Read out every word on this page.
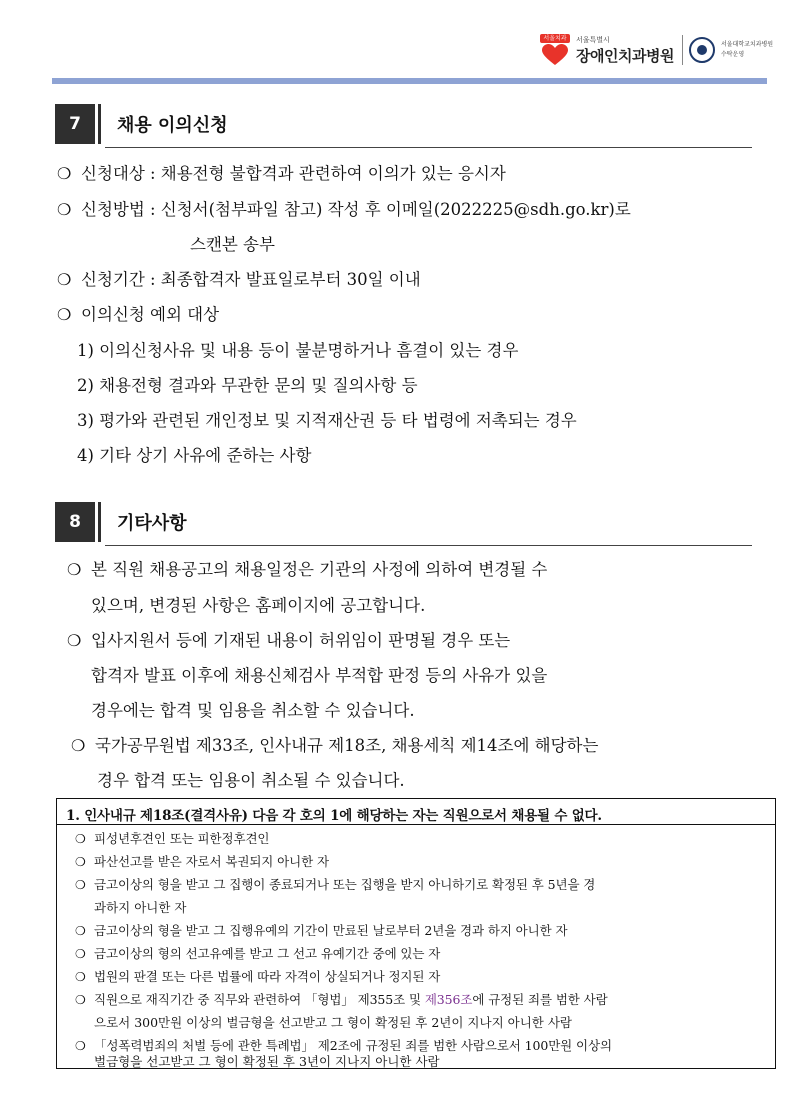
서울치과	서울특별시
장애인치과병원
서울대학교치과병원
수탁운영
7	채용 이의신청
❍ 신청대상 : 채용전형 불합격과 관련하여 이의가 있는 응시자
❍ 신청방법 : 신청서(첨부파일 참고) 작성 후 이메일(2022225@sdh.go.kr)로
스캔본 송부
❍ 신청기간 : 최종합격자 발표일로부터 30일 이내
❍ 이의신청 예외 대상
1) 이의신청사유 및 내용 등이 불분명하거나 흠결이 있는 경우
2) 채용전형 결과와 무관한 문의 및 질의사항 등
3) 평가와 관련된 개인정보 및 지적재산권 등 타 법령에 저촉되는 경우
4) 기타 상기 사유에 준하는 사항
8	기타사항
❍ 본 직원 채용공고의 채용일정은 기관의 사정에 의하여 변경될 수
있으며, 변경된 사항은 홈페이지에 공고합니다.
❍ 입사지원서 등에 기재된 내용이 허위임이 판명될 경우 또는
합격자 발표 이후에 채용신체검사 부적합 판정 등의 사유가 있을
경우에는 합격 및 임용을 취소할 수 있습니다.
❍ 국가공무원법 제33조, 인사내규 제18조, 채용세칙 제14조에 해당하는
경우 합격 또는 임용이 취소될 수 있습니다.
1. 인사내규 제18조(결격사유) 다음 각 호의 1에 해당하는 자는 직원으로서 채용될 수 없다.
❍ 피성년후견인 또는 피한정후견인
❍ 파산선고를 받은 자로서 복권되지 아니한 자
❍ 금고이상의 형을 받고 그 집행이 종료되거나 또는 집행을 받지 아니하기로 확정된 후 5년을 경
과하지 아니한 자
❍ 금고이상의 형을 받고 그 집행유예의 기간이 만료된 날로부터 2년을 경과 하지 아니한 자
❍ 금고이상의 형의 선고유예를 받고 그 선고 유예기간 중에 있는 자
❍ 법원의 판결 또는 다른 법률에 따라 자격이 상실되거나 정지된 자
❍ 직원으로 재직기간 중 직무와 관련하여 「형법」 제355조 및 제356조에 규정된 죄를 범한 사람
으로서 300만원 이상의 벌금형을 선고받고 그 형이 확정된 후 2년이 지나지 아니한 사람
❍ 「성폭력범죄의 처벌 등에 관한 특례법」 제2조에 규정된 죄를 범한 사람으로서 100만원 이상의
벌금형을 선고받고 그 형이 확정된 후 3년이 지나지 아니한 사람
